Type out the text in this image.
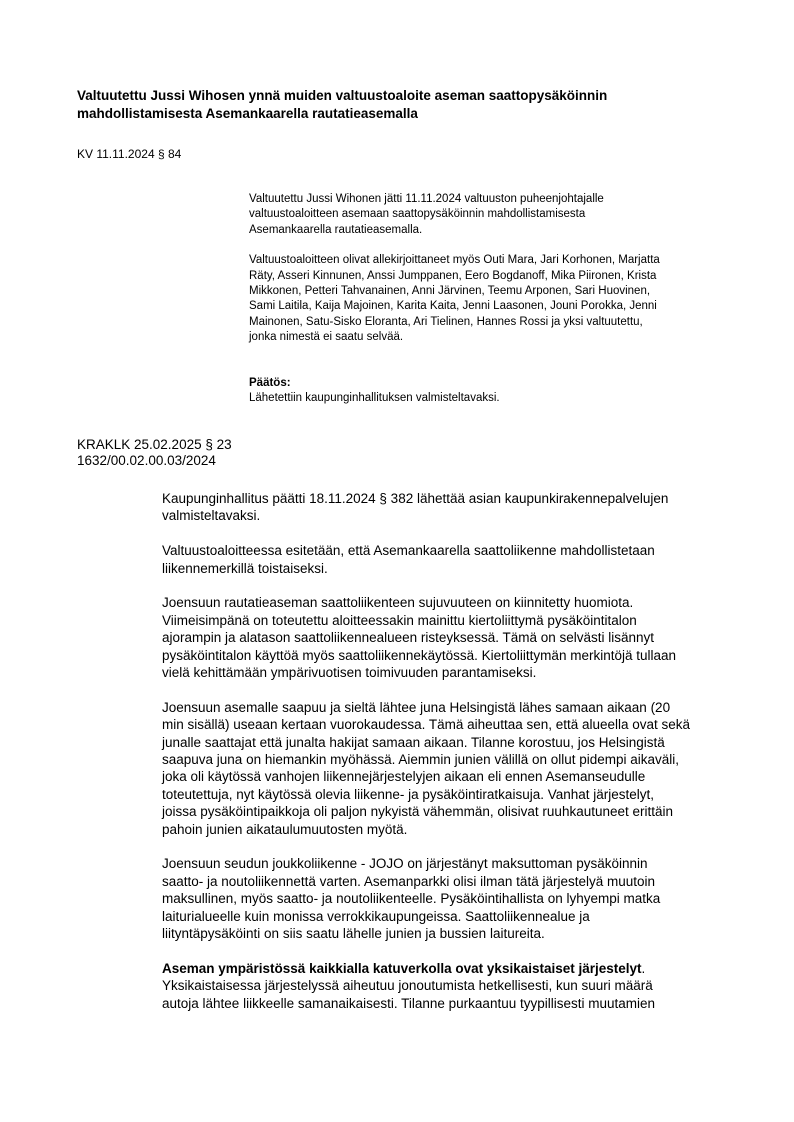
Valtuutettu Jussi Wihosen ynnä muiden valtuustoaloite aseman saattopysäköinnin
mahdollistamisesta Asemankaarella rautatieasemalla

KV 11.11.2024 § 84

Valtuutettu Jussi Wihonen jätti 11.11.2024 valtuuston puheenjohtajalle
valtuustoaloitteen asemaan saattopysäköinnin mahdollistamisesta
Asemankaarella rautatieasemalla.

Valtuustoaloitteen olivat allekirjoittaneet myös Outi Mara, Jari Korhonen, Marjatta
Räty, Asseri Kinnunen, Anssi Jumppanen, Eero Bogdanoff, Mika Piironen, Krista
Mikkonen, Petteri Tahvanainen, Anni Järvinen, Teemu Arponen, Sari Huovinen,
Sami Laitila, Kaija Majoinen, Karita Kaita, Jenni Laasonen, Jouni Porokka, Jenni
Mainonen, Satu-Sisko Eloranta, Ari Tielinen, Hannes Rossi ja yksi valtuutettu,
jonka nimestä ei saatu selvää.

Päätös:
Lähetettiin kaupunginhallituksen valmisteltavaksi.

KRAKLK 25.02.2025 § 23
1632/00.02.00.03/2024

Kaupunginhallitus päätti 18.11.2024 § 382 lähettää asian kaupunkirakennepalvelujen
valmisteltavaksi.

Valtuustoaloitteessa esitetään, että Asemankaarella saattoliikenne mahdollistetaan
liikennemerkillä toistaiseksi.

Joensuun rautatieaseman saattoliikenteen sujuvuuteen on kiinnitetty huomiota.
Viimeisimpänä on toteutettu aloitteessakin mainittu kiertoliittymä pysäköintitalon
ajorampin ja alatason saattoliikennealueen risteyksessä. Tämä on selvästi lisännyt
pysäköintitalon käyttöä myös saattoliikennekäytössä. Kiertoliittymän merkintöjä tullaan
vielä kehittämään ympärivuotisen toimivuuden parantamiseksi.

Joensuun asemalle saapuu ja sieltä lähtee juna Helsingistä lähes samaan aikaan (20
min sisällä) useaan kertaan vuorokaudessa. Tämä aiheuttaa sen, että alueella ovat sekä
junalle saattajat että junalta hakijat samaan aikaan. Tilanne korostuu, jos Helsingistä
saapuva juna on hiemankin myöhässä. Aiemmin junien välillä on ollut pidempi aikaväli,
joka oli käytössä vanhojen liikennejärjestelyjen aikaan eli ennen Asemanseudulle
toteutettuja, nyt käytössä olevia liikenne- ja pysäköintiratkaisuja. Vanhat järjestelyt,
joissa pysäköintipaikkoja oli paljon nykyistä vähemmän, olisivat ruuhkautuneet erittäin
pahoin junien aikataulumuutosten myötä.

Joensuun seudun joukkoliikenne - JOJO on järjestänyt maksuttoman pysäköinnin
saatto- ja noutoliikennettä varten. Asemanparkki olisi ilman tätä järjestelyä muutoin
maksullinen, myös saatto- ja noutoliikenteelle. Pysäköintihallista on lyhyempi matka
laiturialueelle kuin monissa verrokkikaupungeissa. Saattoliikennealue ja
liityntäpysäköinti on siis saatu lähelle junien ja bussien laitureita.

Aseman ympäristössä kaikkialla katuverkolla ovat yksikaistaiset järjestelyt.
Yksikaistaisessa järjestelyssä aiheutuu jonoutumista hetkellisesti, kun suuri määrä
autoja lähtee liikkeelle samanaikaisesti. Tilanne purkaantuu tyypillisesti muutamien
